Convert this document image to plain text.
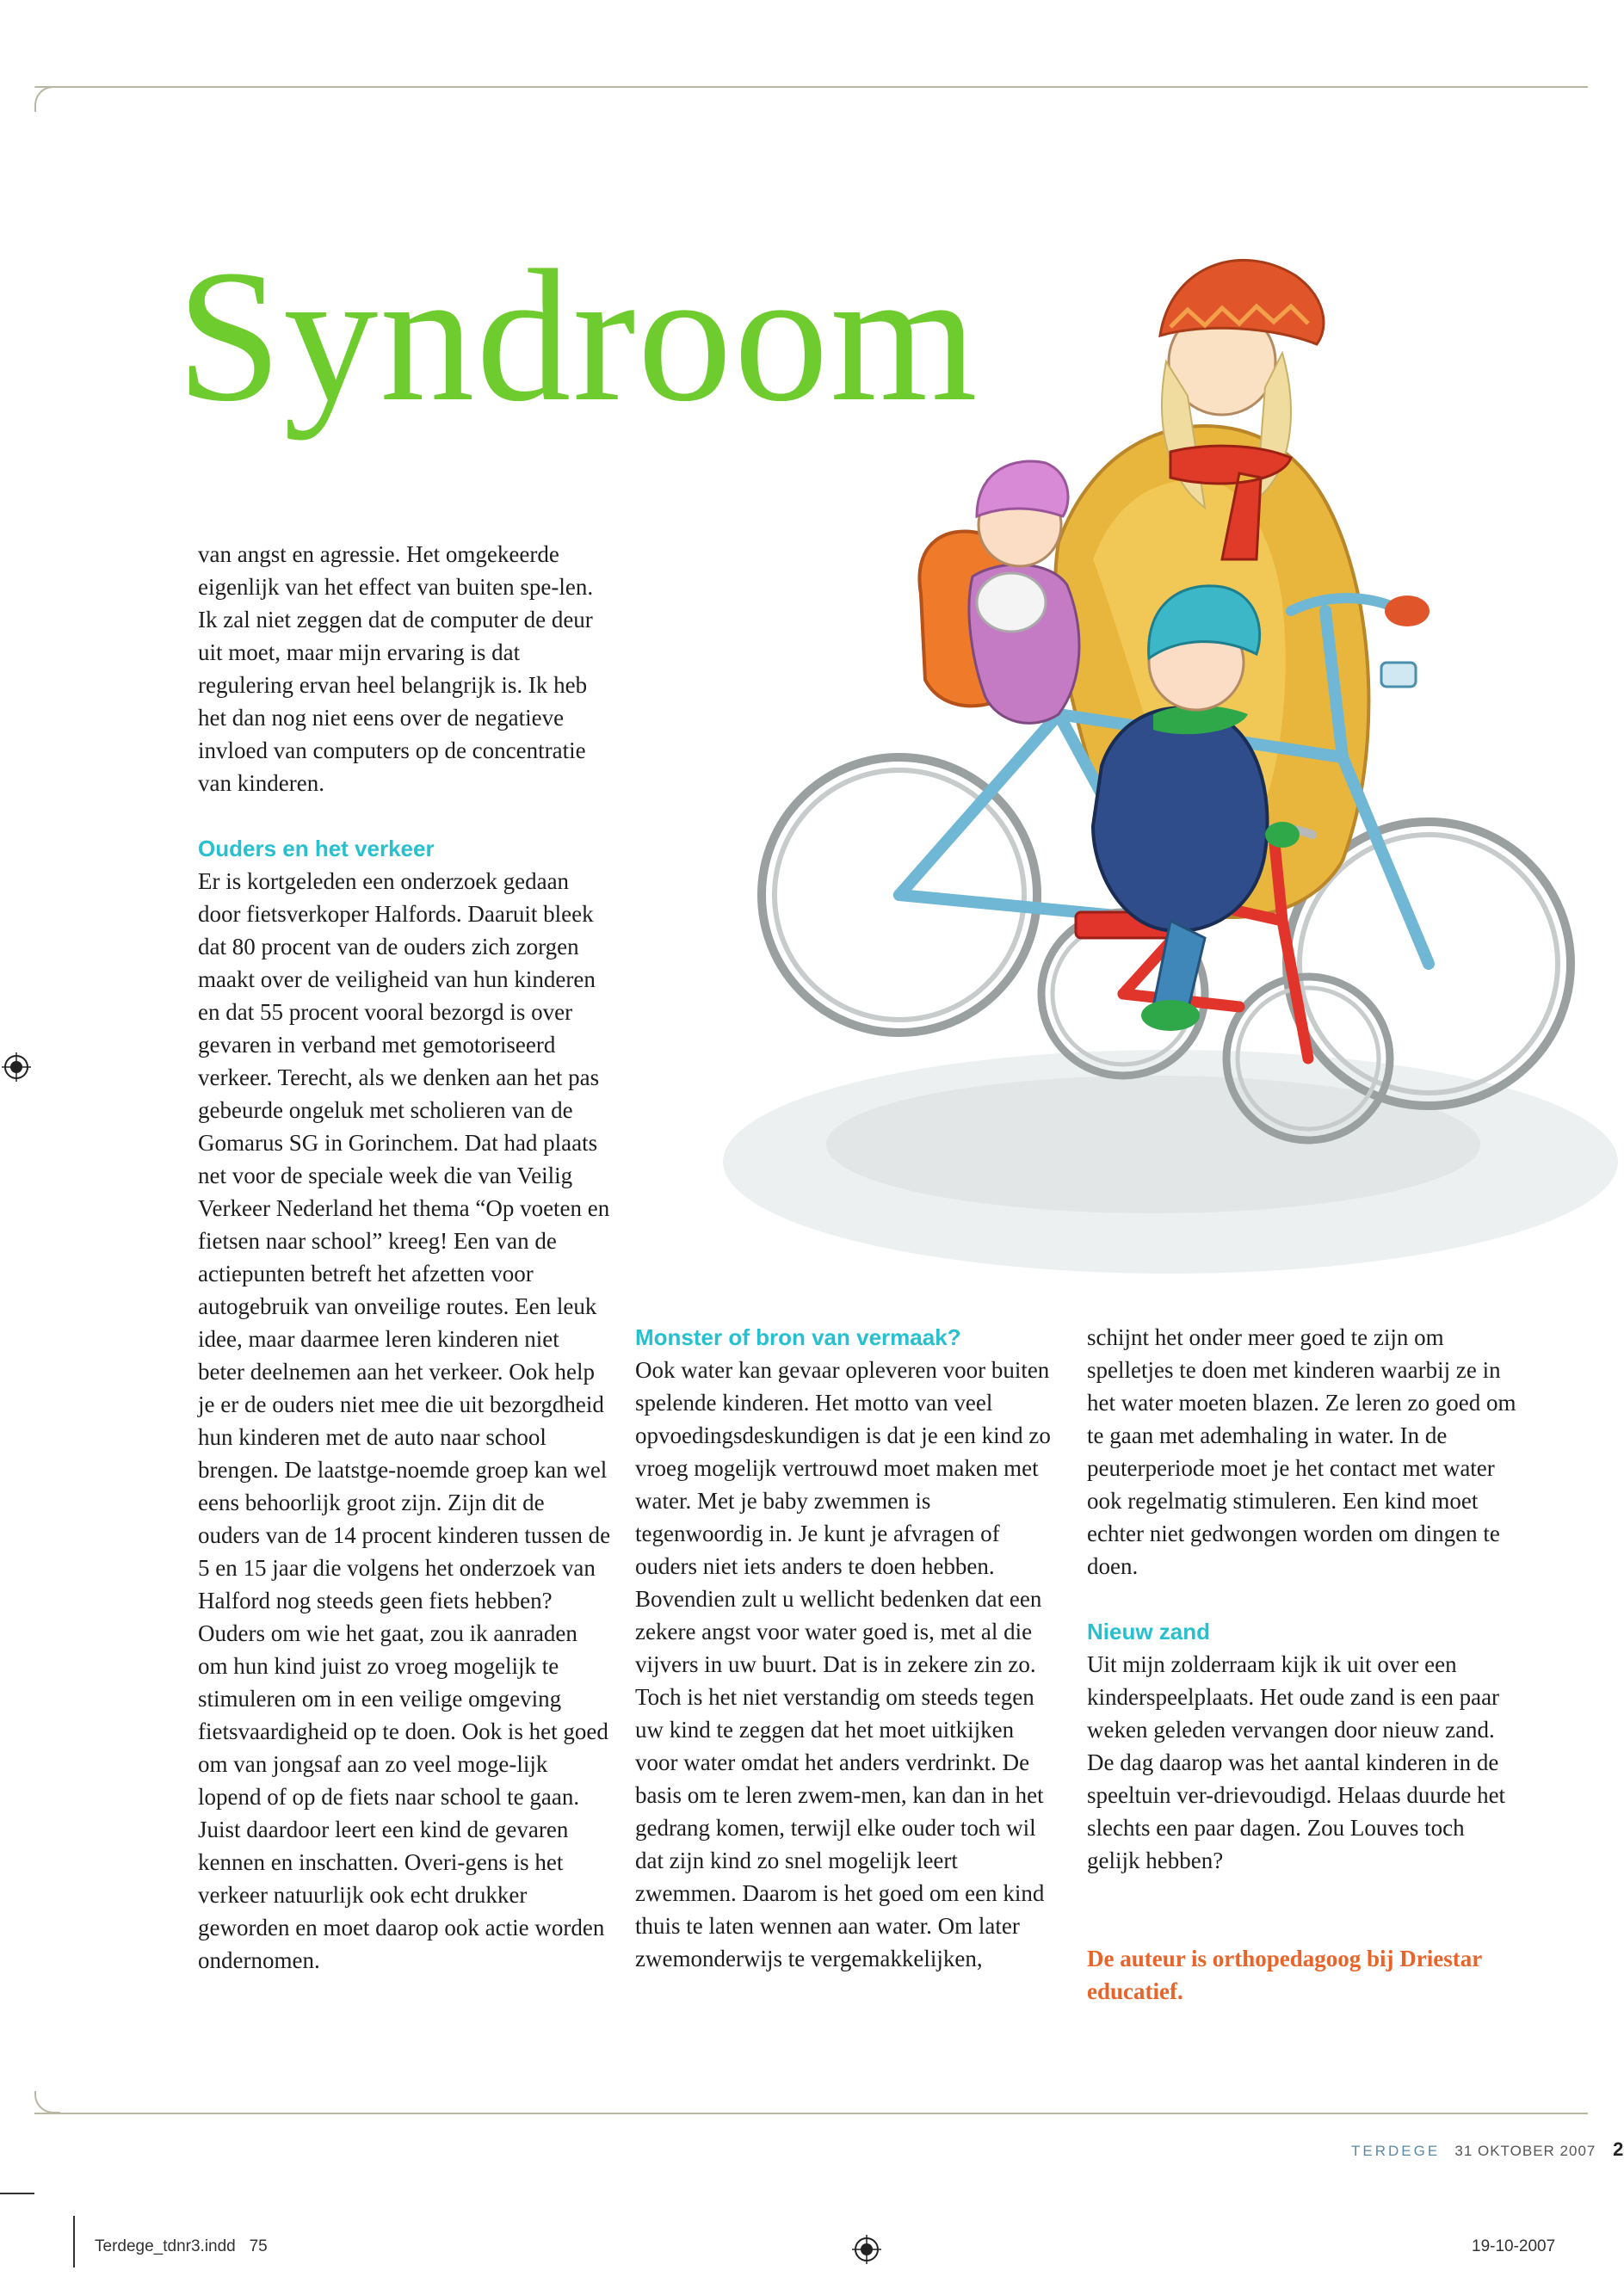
Syndroom

van angst en agressie. Het omgekeerde eigenlijk van het effect van buiten spe-len. Ik zal niet zeggen dat de computer de deur uit moet, maar mijn ervaring is dat regulering ervan heel belangrijk is. Ik heb het dan nog niet eens over de negatieve invloed van computers op de concentratie van kinderen.

Ouders en het verkeer

Er is kortgeleden een onderzoek gedaan door fietsverkoper Halfords. Daaruit bleek dat 80 procent van de ouders zich zorgen maakt over de veiligheid van hun kinderen en dat 55 procent vooral bezorgd is over gevaren in verband met gemotoriseerd verkeer. Terecht, als we denken aan het pas gebeurde ongeluk met scholieren van de Gomarus SG in Gorinchem. Dat had plaats net voor de speciale week die van Veilig Verkeer Nederland het thema “Op voeten en fietsen naar school” kreeg! Een van de actiepunten betreft het afzetten voor autogebruik van onveilige routes. Een leuk idee, maar daarmee leren kinderen niet beter deelnemen aan het verkeer. Ook help je er de ouders niet mee die uit bezorgdheid hun kinderen met de auto naar school brengen. De laatstge-noemde groep kan wel eens behoorlijk groot zijn. Zijn dit de ouders van de 14 procent kinderen tussen de 5 en 15 jaar die volgens het onderzoek van Halford nog steeds geen fiets hebben? Ouders om wie het gaat, zou ik aanraden om hun kind juist zo vroeg mogelijk te stimuleren om in een veilige omgeving fietsvaardigheid op te doen. Ook is het goed om van jongsaf aan zo veel moge-lijk lopend of op de fiets naar school te gaan. Juist daardoor leert een kind de gevaren kennen en inschatten. Overi-gens is het verkeer natuurlijk ook echt drukker geworden en moet daarop ook actie worden ondernomen.

Monster of bron van vermaak?

Ook water kan gevaar opleveren voor buiten spelende kinderen. Het motto van veel opvoedingsdeskundigen is dat je een kind zo vroeg mogelijk vertrouwd moet maken met water. Met je baby zwemmen is tegenwoordig in. Je kunt je afvragen of ouders niet iets anders te doen hebben. Bovendien zult u wellicht bedenken dat een zekere angst voor water goed is, met al die vijvers in uw buurt. Dat is in zekere zin zo.

Toch is het niet verstandig om steeds tegen uw kind te zeggen dat het moet uitkijken voor water omdat het anders verdrinkt. De basis om te leren zwem-men, kan dan in het gedrang komen, terwijl elke ouder toch wil dat zijn kind zo snel mogelijk leert zwemmen. Daarom is het goed om een kind thuis te laten wennen aan water. Om later zwemonderwijs te vergemakkelijken,

schijnt het onder meer goed te zijn om spelletjes te doen met kinderen waarbij ze in het water moeten blazen. Ze leren zo goed om te gaan met ademhaling in water. In de peuterperiode moet je het contact met water ook regelmatig stimuleren. Een kind moet echter niet gedwongen worden om dingen te doen.

Nieuw zand

Uit mijn zolderraam kijk ik uit over een kinderspeelplaats. Het oude zand is een paar weken geleden vervangen door nieuw zand. De dag daarop was het aantal kinderen in de speeltuin ver-drievoudigd. Helaas duurde het slechts een paar dagen. Zou Louves toch gelijk hebben?

De auteur is orthopedagoog bij Driestar educatief.

TERDEGE 31 OKTOBER 2007 2
Terdege_tdnr3.indd   75	19-10-2007
